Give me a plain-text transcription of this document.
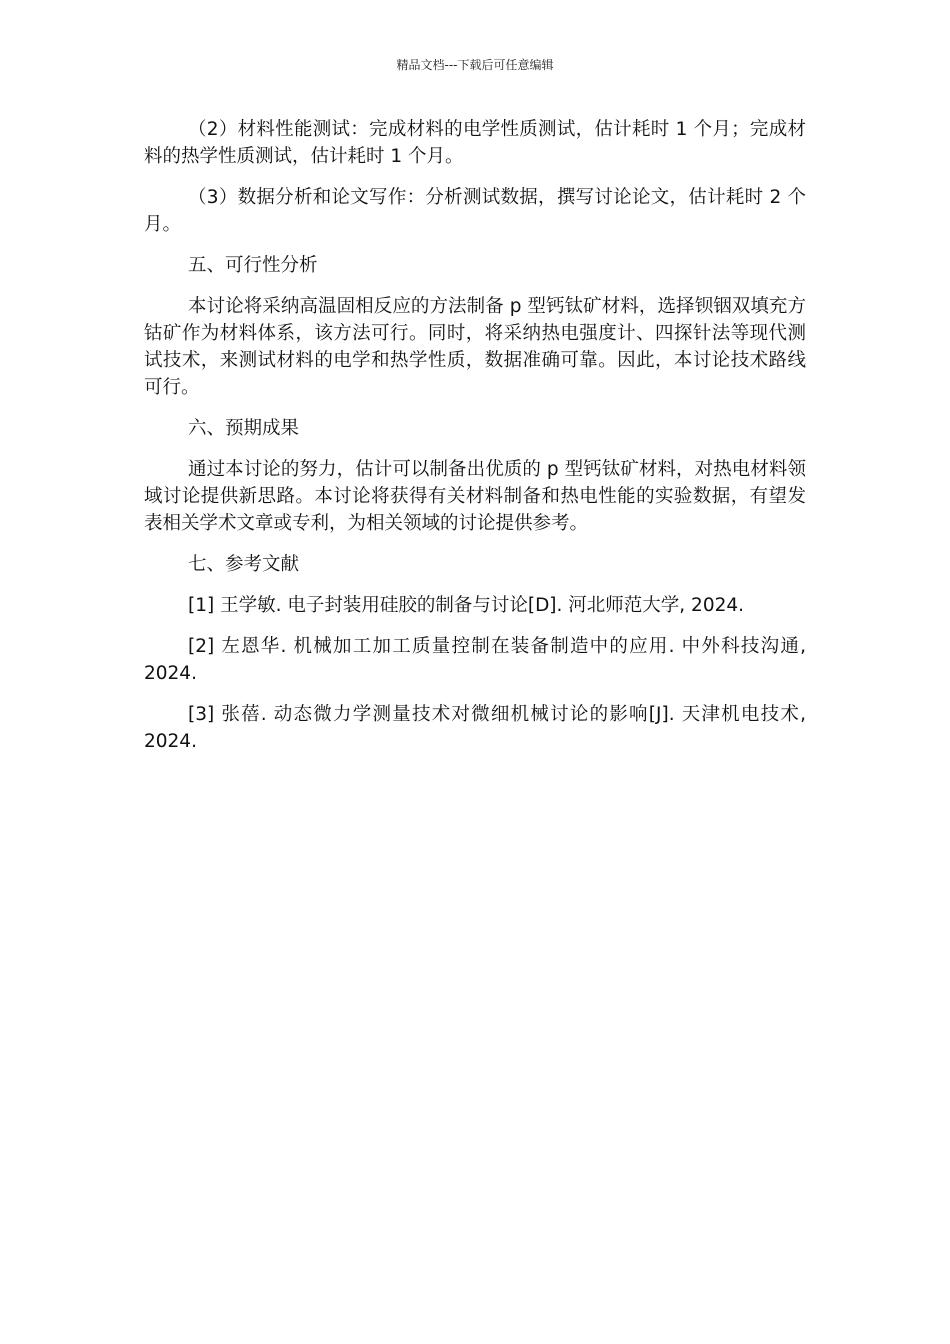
精品文档---下载后可任意编辑

（2）材料性能测试：完成材料的电学性质测试，估计耗时 1 个月；完成材料的热学性质测试，估计耗时 1 个月。

（3）数据分析和论文写作：分析测试数据，撰写讨论论文，估计耗时 2 个月。

五、可行性分析

本讨论将采纳高温固相反应的方法制备 p 型钙钛矿材料，选择钡铟双填充方钴矿作为材料体系，该方法可行。同时，将采纳热电强度计、四探针法等现代测试技术，来测试材料的电学和热学性质，数据准确可靠。因此，本讨论技术路线可行。

六、预期成果

通过本讨论的努力，估计可以制备出优质的 p 型钙钛矿材料，对热电材料领域讨论提供新思路。本讨论将获得有关材料制备和热电性能的实验数据，有望发表相关学术文章或专利，为相关领域的讨论提供参考。

七、参考文献

[1] 王学敏. 电子封装用硅胶的制备与讨论[D]. 河北师范大学, 2024.

[2] 左恩华. 机械加工加工质量控制在装备制造中的应用. 中外科技沟通, 2024.

[3] 张蓓. 动态微力学测量技术对微细机械讨论的影响[J]. 天津机电技术, 2024.
